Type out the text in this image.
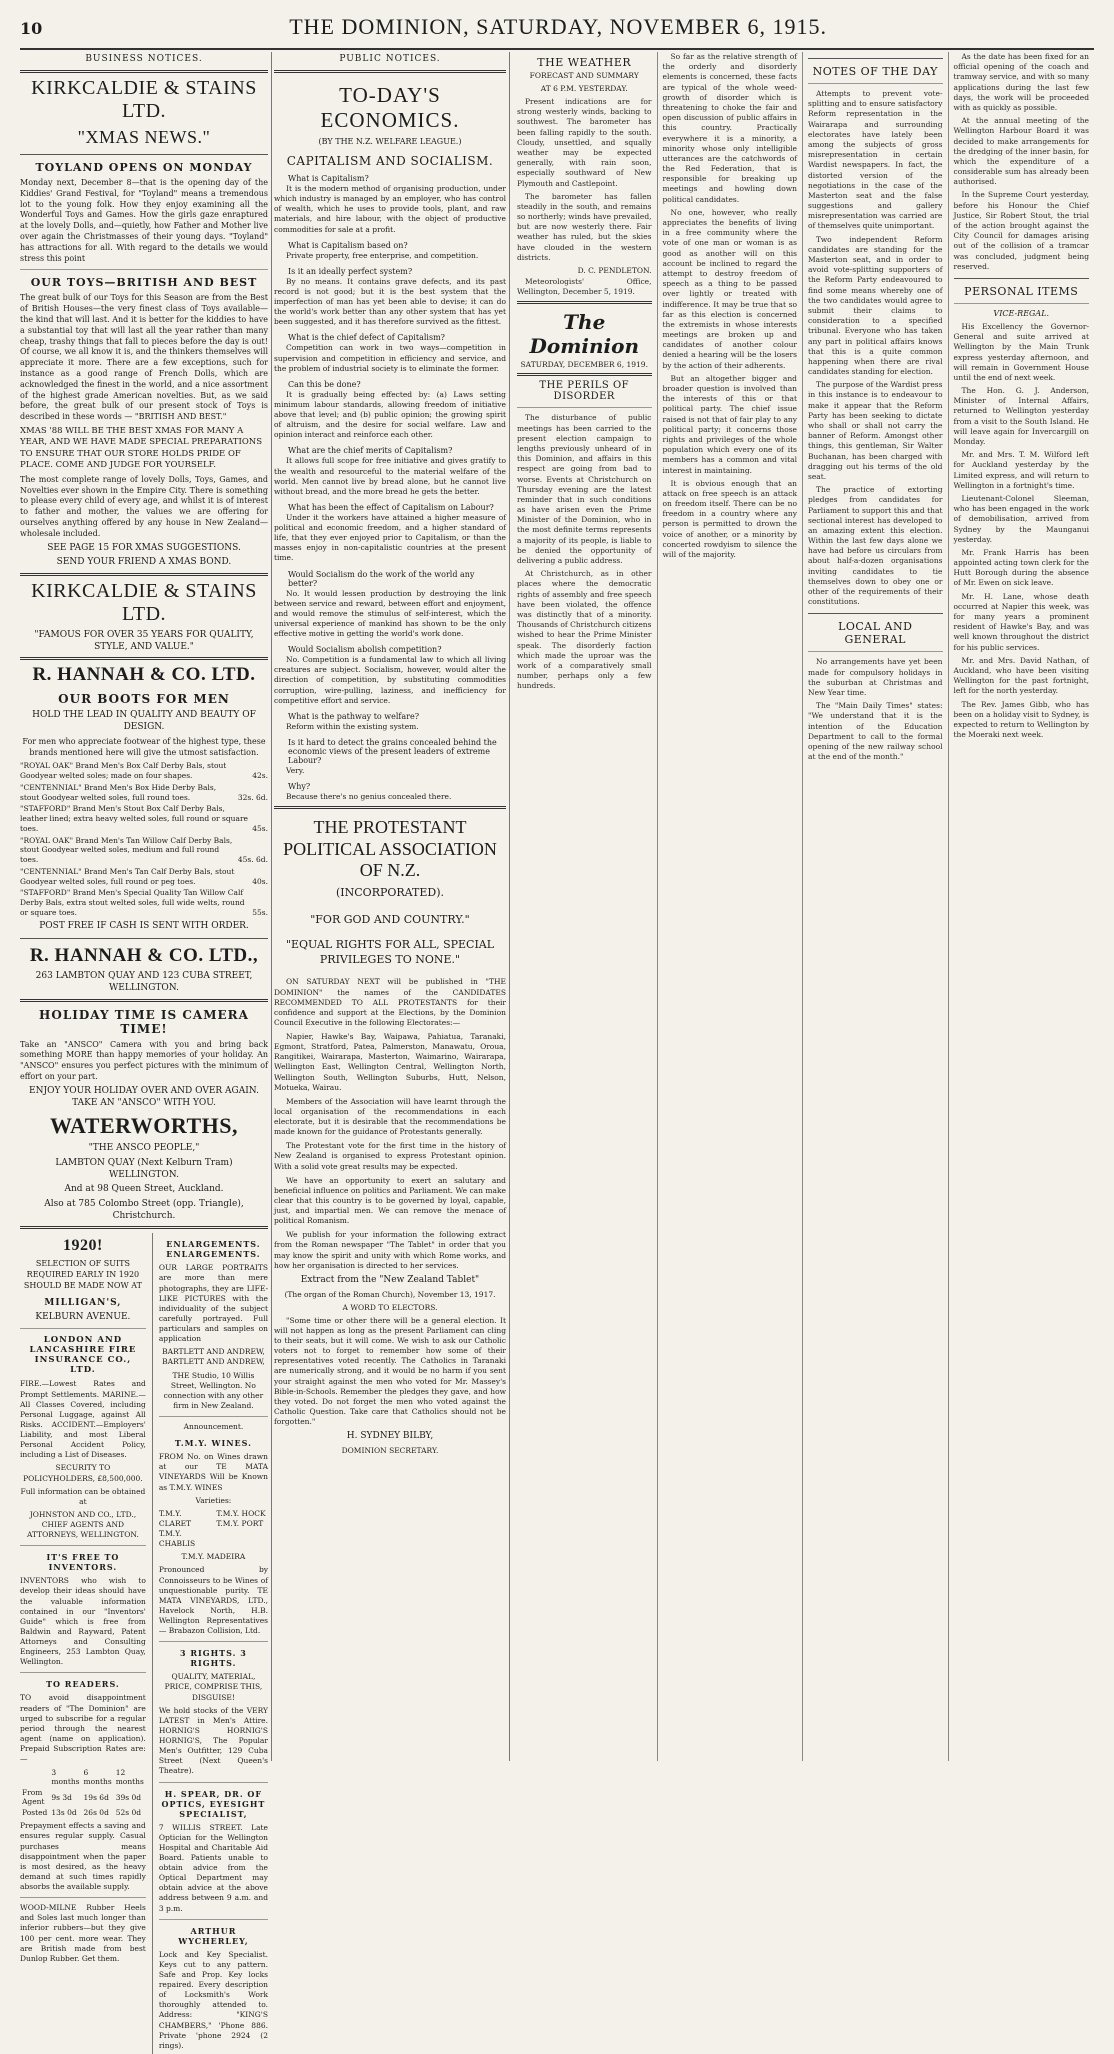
10	THE DOMINION, SATURDAY, NOVEMBER 6, 1915.
BUSINESS NOTICES.
KIRKCALDIE & STAINS LTD.
"XMAS NEWS."
TOYLAND OPENS ON MONDAY
Monday next, December 8—that is the opening day of the Kiddies' Grand Festival, for "Toyland" means a tremendous lot to the young folk. How they enjoy examining all the Wonderful Toys and Games. How the girls gaze enraptured at the lovely Dolls, and—quietly, how Father and Mother live over again the Christmasses of their young days. "Toyland" has attractions for all. With regard to the details we would stress this point
OUR TOYS—BRITISH AND BEST
The great bulk of our Toys for this Season are from the Best of British Houses—the very finest class of Toys available—the kind that will last. And it is better for the kiddies to have a substantial toy that will last all the year rather than many cheap, trashy things that fall to pieces before the day is out! Of course, we all know it is, and the thinkers themselves will appreciate it more. There are a few exceptions, such for instance as a good range of French Dolls, which are acknowledged the finest in the world, and a nice assortment of the highest grade American novelties. But, as we said before, the great bulk of our present stock of Toys is described in these words — "BRITISH AND BEST."
XMAS '88 WILL BE THE BEST XMAS FOR MANY A YEAR, AND WE HAVE MADE SPECIAL PREPARATIONS TO ENSURE THAT OUR STORE HOLDS PRIDE OF PLACE. COME AND JUDGE FOR YOURSELF.
The most complete range of lovely Dolls, Toys, Games, and Novelties ever shown in the Empire City. There is something to please every child of every age, and whilst it is of interest to father and mother, the values we are offering for ourselves anything offered by any house in New Zealand—wholesale included.
SEE PAGE 15 FOR XMAS SUGGESTIONS.
SEND YOUR FRIEND A XMAS BOND.
KIRKCALDIE & STAINS LTD.
"FAMOUS FOR OVER 35 YEARS FOR QUALITY, STYLE, AND VALUE."
R. HANNAH & CO. LTD.
OUR BOOTS FOR MEN
HOLD THE LEAD IN QUALITY AND BEAUTY OF DESIGN.
For men who appreciate footwear of the highest type, these brands mentioned here will give the utmost satisfaction.
"ROYAL OAK" Brand Men's Box Calf Derby Bals, stout Goodyear welted soles; made on four shapes.	42s.
"CENTENNIAL" Brand Men's Box Hide Derby Bals, stout Goodyear welted soles, full round toes.	32s. 6d.
"STAFFORD" Brand Men's Stout Box Calf Derby Bals, leather lined; extra heavy welted soles, full round or square toes.	45s.
"ROYAL OAK" Brand Men's Tan Willow Calf Derby Bals, stout Goodyear welted soles, medium and full round toes.	45s. 6d.
"CENTENNIAL" Brand Men's Tan Calf Derby Bals, stout Goodyear welted soles, full round or peg toes.	40s.
"STAFFORD" Brand Men's Special Quality Tan Willow Calf Derby Bals, extra stout welted soles, full wide welts, round or square toes.	55s.
POST FREE IF CASH IS SENT WITH ORDER.
R. HANNAH & CO. LTD.,
263 LAMBTON QUAY AND 123 CUBA STREET, WELLINGTON.
HOLIDAY TIME IS CAMERA TIME!
Take an "ANSCO" Camera with you and bring back something MORE than happy memories of your holiday. An "ANSCO" ensures you perfect pictures with the minimum of effort on your part.
ENJOY YOUR HOLIDAY OVER AND OVER AGAIN. TAKE AN "ANSCO" WITH YOU.
WATERWORTHS,
"THE ANSCO PEOPLE,"
LAMBTON QUAY (Next Kelburn Tram) WELLINGTON.
And at 98 Queen Street, Auckland.
Also at 785 Colombo Street (opp. Triangle), Christchurch.
1920!
SELECTION OF SUITS REQUIRED EARLY IN 1920 SHOULD BE MADE NOW AT
MILLIGAN'S,
KELBURN AVENUE.
LONDON AND LANCASHIRE FIRE INSURANCE CO., LTD.
FIRE.—Lowest Rates and Prompt Settlements. MARINE.—All Classes Covered, including Personal Luggage, against All Risks. ACCIDENT.—Employers' Liability, and most Liberal Personal Accident Policy, including a List of Diseases.
SECURITY TO POLICYHOLDERS, £8,500,000.
Full information can be obtained at
JOHNSTON AND CO., LTD., CHIEF AGENTS AND ATTORNEYS, WELLINGTON.
IT'S FREE TO INVENTORS.
INVENTORS who wish to develop their ideas should have the valuable information contained in our "Inventors' Guide" which is free from Baldwin and Rayward, Patent Attorneys and Consulting Engineers, 253 Lambton Quay, Wellington.
TO READERS.
TO avoid disappointment readers of "The Dominion" are urged to subscribe for a regular period through the nearest agent (name on application). Prepaid Subscription Rates are:—
	3 months	6 months	12 months
From Agent	9s 3d	19s 6d	39s 0d
Posted	13s 0d	26s 0d	52s 0d
Prepayment effects a saving and ensures regular supply. Casual purchases means disappointment when the paper is most desired, as the heavy demand at such times rapidly absorbs the available supply.
WOOD-MILNE Rubber Heels and Soles last much longer than inferior rubbers—but they give 100 per cent. more wear. They are British made from best Dunlop Rubber. Get them.
ENLARGEMENTS. ENLARGEMENTS.
OUR LARGE PORTRAITS are more than mere photographs, they are LIFE-LIKE PICTURES with the individuality of the subject carefully portrayed. Full particulars and samples on application
BARTLETT AND ANDREW, BARTLETT AND ANDREW,
THE Studio, 10 Willis Street, Wellington. No connection with any other firm in New Zealand.
Announcement.
T.M.Y. WINES.
FROM No. on Wines drawn at our TE MATA VINEYARDS Will be Known as T.M.Y. WINES
Varieties:
T.M.Y. CLARET
T.M.Y. CHABLIS
T.M.Y. HOCK
T.M.Y. PORT
T.M.Y. MADEIRA
Pronounced by Connoisseurs to be Wines of unquestionable purity. TE MATA VINEYARDS, LTD., Havelock North, H.B. Wellington Representatives— Brabazon Collision, Ltd.
3 RIGHTS. 3 RIGHTS.
QUALITY, MATERIAL, PRICE, COMPRISE THIS, DISGUISE!
We hold stocks of the VERY LATEST in Men's Attire. HORNIG'S HORNIG'S HORNIG'S, The Popular Men's Outfitter, 129 Cuba Street (Next Queen's Theatre).
H. SPEAR, DR. OF OPTICS, EYESIGHT SPECIALIST,
7 WILLIS STREET. Late Optician for the Wellington Hospital and Charitable Aid Board. Patients unable to obtain advice from the Optical Department may obtain advice at the above address between 9 a.m. and 3 p.m.
ARTHUR WYCHERLEY,
Lock and Key Specialist. Keys cut to any pattern. Safe and Prop. Key locks repaired. Every description of Locksmith's Work thoroughly attended to. Address: "KING'S CHAMBERS," 'Phone 886. Private 'phone 2924 (2 rings).
PUBLIC NOTICES.
TO-DAY'S ECONOMICS.
(BY THE N.Z. WELFARE LEAGUE.)
CAPITALISM AND SOCIALISM.
What is Capitalism?
It is the modern method of organising production, under which industry is managed by an employer, who has control of wealth, which he uses to provide tools, plant, and raw materials, and hire labour, with the object of productive commodities for sale at a profit.
What is Capitalism based on?
Private property, free enterprise, and competition.
Is it an ideally perfect system?
By no means. It contains grave defects, and its past record is not good; but it is the best system that the imperfection of man has yet been able to devise; it can do the world's work better than any other system that has yet been suggested, and it has therefore survived as the fittest.
What is the chief defect of Capitalism?
Competition can work in two ways—competition in supervision and competition in efficiency and service, and the problem of industrial society is to eliminate the former.
Can this be done?
It is gradually being effected by: (a) Laws setting minimum labour standards, allowing freedom of initiative above that level; and (b) public opinion; the growing spirit of altruism, and the desire for social welfare. Law and opinion interact and reinforce each other.
What are the chief merits of Capitalism?
It allows full scope for free initiative and gives gratify to the wealth and resourceful to the material welfare of the world. Men cannot live by bread alone, but he cannot live without bread, and the more bread he gets the better.
What has been the effect of Capitalism on Labour?
Under it the workers have attained a higher measure of political and economic freedom, and a higher standard of life, that they ever enjoyed prior to Capitalism, or than the masses enjoy in non-capitalistic countries at the present time.
Would Socialism do the work of the world any better?
No. It would lessen production by destroying the link between service and reward, between effort and enjoyment, and would remove the stimulus of self-interest, which the universal experience of mankind has shown to be the only effective motive in getting the world's work done.
Would Socialism abolish competition?
No. Competition is a fundamental law to which all living creatures are subject. Socialism, however, would alter the direction of competition, by substituting commodities corruption, wire-pulling, laziness, and inefficiency for competitive effort and service.
What is the pathway to welfare?
Reform within the existing system.
Is it hard to detect the grains concealed behind the economic views of the present leaders of extreme Labour?
Very.
Why?
Because there's no genius concealed there.
THE PROTESTANT POLITICAL ASSOCIATION OF N.Z.
(INCORPORATED).
"FOR GOD AND COUNTRY."
"EQUAL RIGHTS FOR ALL, SPECIAL PRIVILEGES TO NONE."
ON SATURDAY NEXT will be published in "THE DOMINION" the names of the CANDIDATES RECOMMENDED TO ALL PROTESTANTS for their confidence and support at the Elections, by the Dominion Council Executive in the following Electorates:—
Napier, Hawke's Bay, Waipawa, Pahiatua, Taranaki, Egmont, Stratford, Patea, Palmerston, Manawatu, Oroua, Rangitikei, Wairarapa, Masterton, Waimarino, Wairarapa, Wellington East, Wellington Central, Wellington North, Wellington South, Wellington Suburbs, Hutt, Nelson, Motueka, Wairau.
Members of the Association will have learnt through the local organisation of the recommendations in each electorate, but it is desirable that the recommendations be made known for the guidance of Protestants generally.
The Protestant vote for the first time in the history of New Zealand is organised to express Protestant opinion. With a solid vote great results may be expected.
We have an opportunity to exert an salutary and beneficial influence on politics and Parliament. We can make clear that this country is to be governed by loyal, capable, just, and impartial men. We can remove the menace of political Romanism.
We publish for your information the following extract from the Roman newspaper "The Tablet" in order that you may know the spirit and unity with which Rome works, and how her organisation is directed to her services.
Extract from the "New Zealand Tablet"
(The organ of the Roman Church), November 13, 1917.
A WORD TO ELECTORS.
"Some time or other there will be a general election. It will not happen as long as the present Parliament can cling to their seats, but it will come. We wish to ask our Catholic voters not to forget to remember how some of their representatives voted recently. The Catholics in Taranaki are numerically strong, and it would be no harm if you sent your straight against the men who voted for Mr. Massey's Bible-in-Schools. Remember the pledges they gave, and how they voted. Do not forget the men who voted against the Catholic Question. Take care that Catholics should not be forgotten."
H. SYDNEY BILBY,
DOMINION SECRETARY.
THE WEATHER
FORECAST AND SUMMARY
AT 6 P.M. YESTERDAY.
Present indications are for strong westerly winds, backing to southwest. The barometer has been falling rapidly to the south. Cloudy, unsettled, and squally weather may be expected generally, with rain soon, especially southward of New Plymouth and Castlepoint.
The barometer has fallen steadily in the south, and remains so northerly; winds have prevailed, but are now westerly there. Fair weather has ruled, but the skies have clouded in the western districts.
D. C. PENDLETON.
Meteorologists' Office, Wellington, December 5, 1919.
The Dominion
SATURDAY, DECEMBER 6, 1919.
THE PERILS OF DISORDER

The disturbance of public meetings has been carried to the present election campaign to lengths previously unheard of in this Dominion, and affairs in this respect are going from bad to worse. Events at Christchurch on Thursday evening are the latest reminder that in such conditions as have arisen even the Prime Minister of the Dominion, who in the most definite terms represents a majority of its people, is liable to be denied the opportunity of delivering a public address.

At Christchurch, as in other places where the democratic rights of assembly and free speech have been violated, the offence was distinctly that of a minority. Thousands of Christchurch citizens wished to hear the Prime Minister speak. The disorderly faction which made the uproar was the work of a comparatively small number, perhaps only a few hundreds.

So far as the relative strength of the orderly and disorderly elements is concerned, these facts are typical of the whole weed-growth of disorder which is threatening to choke the fair and open discussion of public affairs in this country. Practically everywhere it is a minority, a minority whose only intelligible utterances are the catchwords of the Red Federation, that is responsible for breaking up meetings and howling down political candidates.

No one, however, who really appreciates the benefits of living in a free community where the vote of one man or woman is as good as another will on this account be inclined to regard the attempt to destroy freedom of speech as a thing to be passed over lightly or treated with indifference. It may be true that so far as this election is concerned the extremists in whose interests meetings are broken up and candidates of another colour denied a hearing will be the losers by the action of their adherents.

But an altogether bigger and broader question is involved than the interests of this or that political party. The chief issue raised is not that of fair play to any political party; it concerns those rights and privileges of the whole population which every one of its members has a common and vital interest in maintaining.

It is obvious enough that an attack on free speech is an attack on freedom itself. There can be no freedom in a country where any person is permitted to drown the voice of another, or a minority by concerted rowdyism to silence the will of the majority.

NOTES OF THE DAY

Attempts to prevent vote-splitting and to ensure satisfactory Reform representation in the Wairarapa and surrounding electorates have lately been among the subjects of gross misrepresentation in certain Wardist newspapers. In fact, the distorted version of the negotiations in the case of the Masterton seat and the false suggestions and gallery misrepresentation was carried are of themselves quite unimportant.

Two independent Reform candidates are standing for the Masterton seat, and in order to avoid vote-splitting supporters of the Reform Party endeavoured to find some means whereby one of the two candidates would agree to submit their claims to consideration to a specified tribunal. Everyone who has taken any part in political affairs knows that this is a quite common happening when there are rival candidates standing for election.

The purpose of the Wardist press in this instance is to endeavour to make it appear that the Reform Party has been seeking to dictate who shall or shall not carry the banner of Reform. Amongst other things, this gentleman, Sir Walter Buchanan, has been charged with dragging out his terms of the old seat.

The practice of extorting pledges from candidates for Parliament to support this and that sectional interest has developed to an amazing extent this election. Within the last few days alone we have had before us circulars from about half-a-dozen organisations inviting candidates to tie themselves down to obey one or other of the requirements of their constitutions.

LOCAL AND GENERAL

No arrangements have yet been made for compulsory holidays in the suburban at Christmas and New Year time.

The "Main Daily Times" states: "We understand that it is the intention of the Education Department to call to the formal opening of the new railway school at the end of the month."

As the date has been fixed for an official opening of the coach and tramway service, and with so many applications during the last few days, the work will be proceeded with as quickly as possible.

At the annual meeting of the Wellington Harbour Board it was decided to make arrangements for the dredging of the inner basin, for which the expenditure of a considerable sum has already been authorised.

In the Supreme Court yesterday, before his Honour the Chief Justice, Sir Robert Stout, the trial of the action brought against the City Council for damages arising out of the collision of a tramcar was concluded, judgment being reserved.

PERSONAL ITEMS
VICE-REGAL.

His Excellency the Governor-General and suite arrived at Wellington by the Main Trunk express yesterday afternoon, and will remain in Government House until the end of next week.

The Hon. G. J. Anderson, Minister of Internal Affairs, returned to Wellington yesterday from a visit to the South Island. He will leave again for Invercargill on Monday.

Mr. and Mrs. T. M. Wilford left for Auckland yesterday by the Limited express, and will return to Wellington in a fortnight's time.

Lieutenant-Colonel Sleeman, who has been engaged in the work of demobilisation, arrived from Sydney by the Maunganui yesterday.

Mr. Frank Harris has been appointed acting town clerk for the Hutt Borough during the absence of Mr. Ewen on sick leave.

Mr. H. Lane, whose death occurred at Napier this week, was for many years a prominent resident of Hawke's Bay, and was well known throughout the district for his public services.

Mr. and Mrs. David Nathan, of Auckland, who have been visiting Wellington for the past fortnight, left for the north yesterday.

The Rev. James Gibb, who has been on a holiday visit to Sydney, is expected to return to Wellington by the Moeraki next week.
